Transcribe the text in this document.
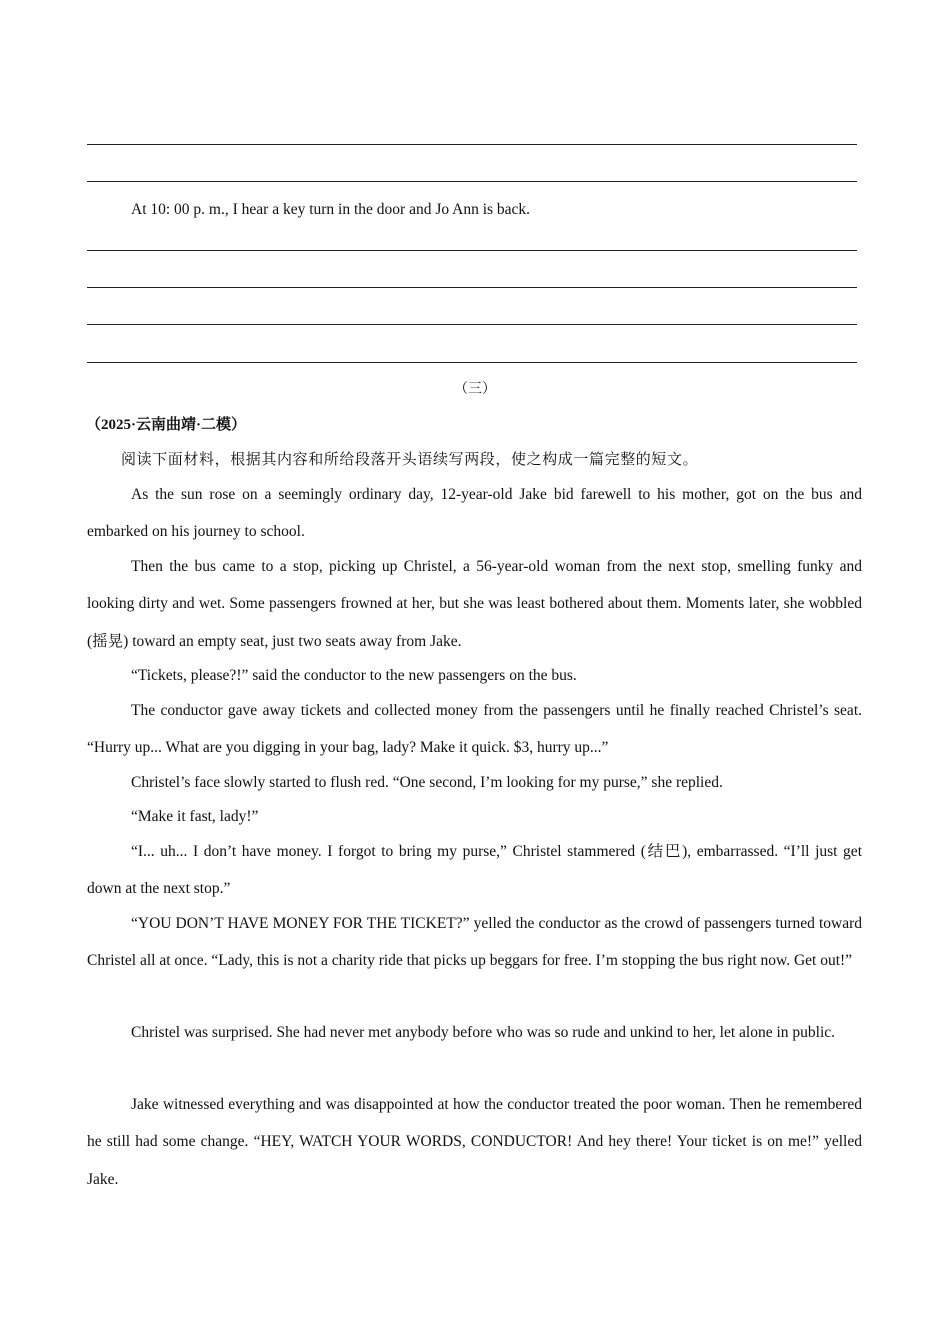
At 10: 00 p. m., I hear a key turn in the door and Jo Ann is back.
（三）
（2025·云南曲靖·二模）
阅读下面材料，根据其内容和所给段落开头语续写两段，使之构成一篇完整的短文。
As the sun rose on a seemingly ordinary day, 12-year-old Jake bid farewell to his mother, got on the bus and embarked on his journey to school.
Then the bus came to a stop, picking up Christel, a 56-year-old woman from the next stop, smelling funky and looking dirty and wet. Some passengers frowned at her, but she was least bothered about them. Moments later, she wobbled (摇晃) toward an empty seat, just two seats away from Jake.
“Tickets, please?!” said the conductor to the new passengers on the bus.
The conductor gave away tickets and collected money from the passengers until he finally reached Christel’s seat. “Hurry up... What are you digging in your bag, lady? Make it quick. $3, hurry up...”
Christel’s face slowly started to flush red. “One second, I’m looking for my purse,” she replied.
“Make it fast, lady!”
“I... uh... I don’t have money. I forgot to bring my purse,” Christel stammered (结巴), embarrassed. “I’ll just get down at the next stop.”
“YOU DON’T HAVE MONEY FOR THE TICKET?” yelled the conductor as the crowd of passengers turned toward Christel all at once. “Lady, this is not a charity ride that picks up beggars for free. I’m stopping the bus right now. Get out!”
Christel was surprised. She had never met anybody before who was so rude and unkind to her, let alone in public.
Jake witnessed everything and was disappointed at how the conductor treated the poor woman. Then he remembered he still had some change. “HEY, WATCH YOUR WORDS, CONDUCTOR! And hey there! Your ticket is on me!” yelled Jake.
